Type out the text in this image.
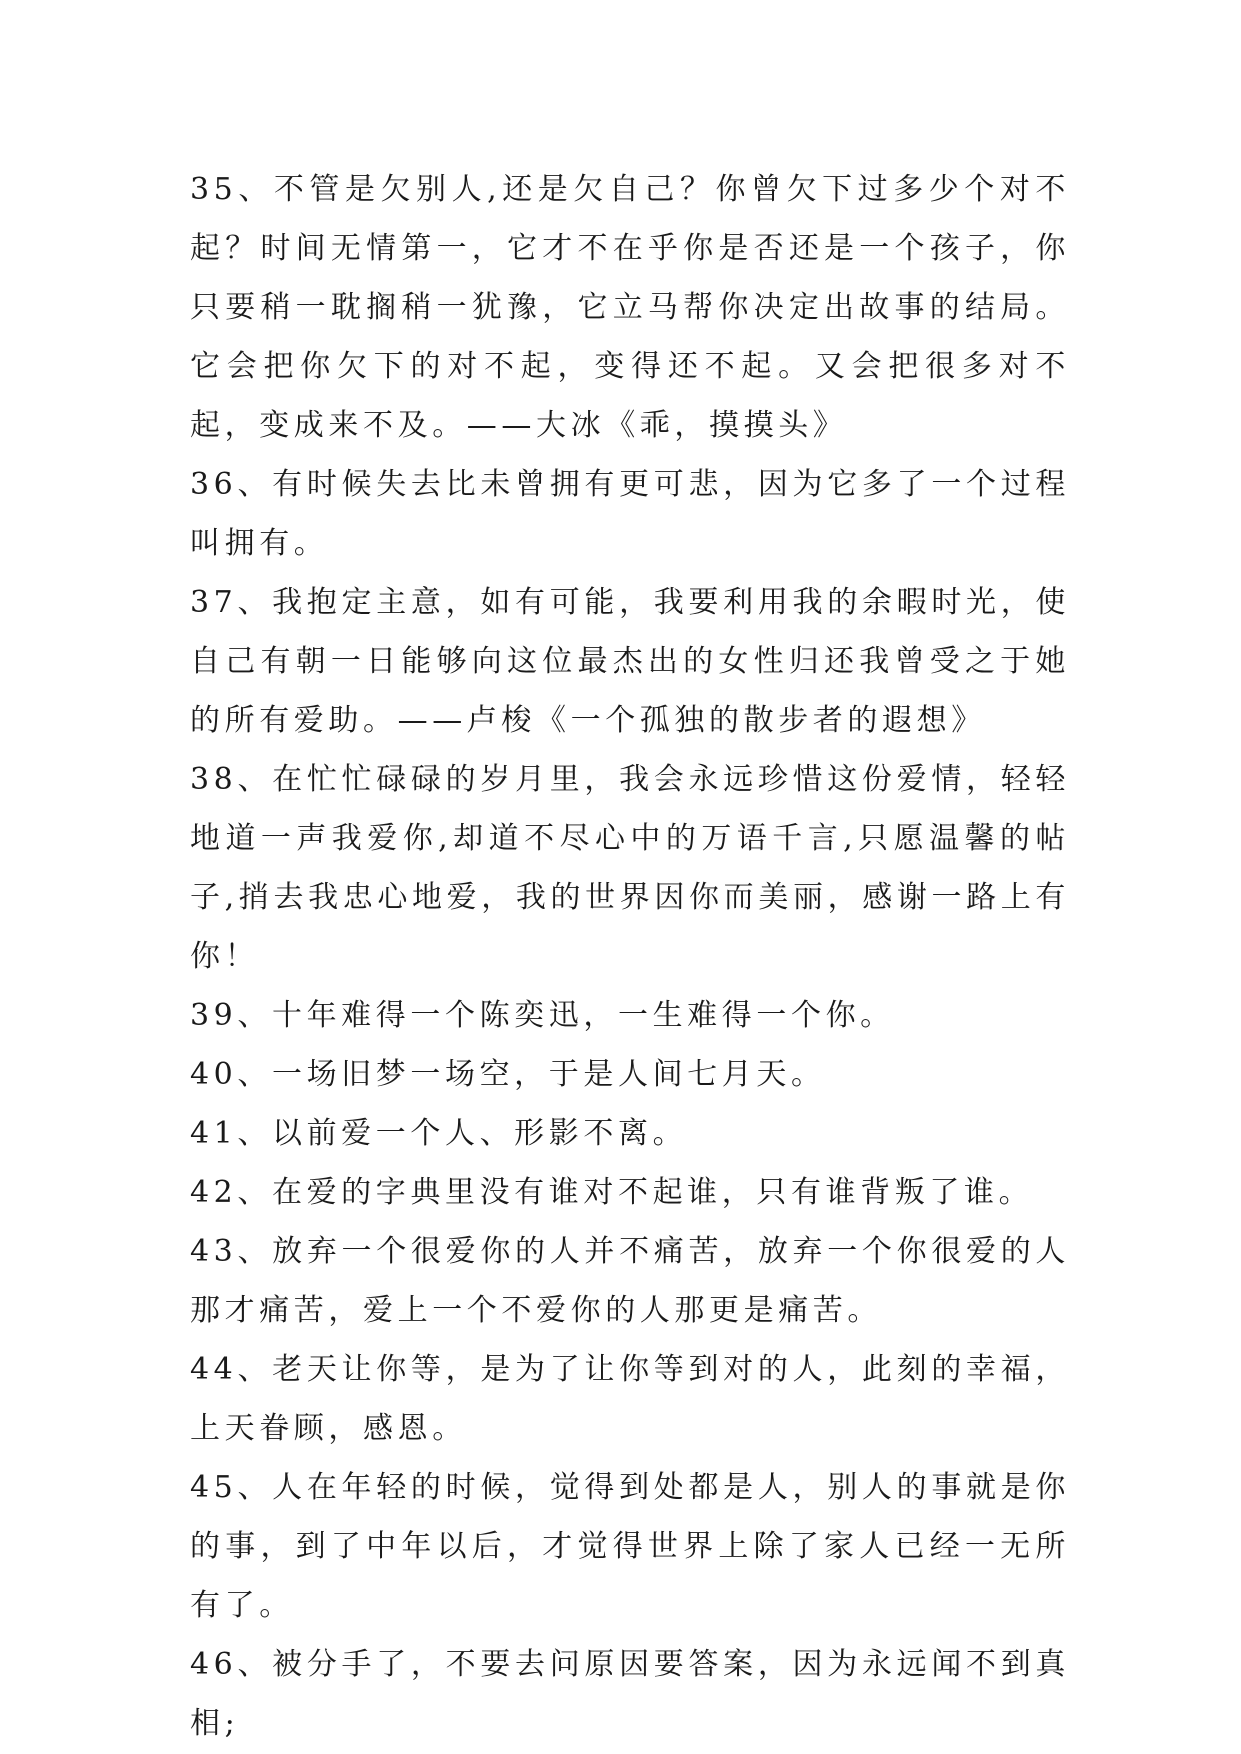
35、不管是欠别人,还是欠自己？你曾欠下过多少个对不起？时间无情第一，它才不在乎你是否还是一个孩子，你只要稍一耽搁稍一犹豫，它立马帮你决定出故事的结局。它会把你欠下的对不起，变得还不起。又会把很多对不起，变成来不及。——大冰《乖，摸摸头》

36、有时候失去比未曾拥有更可悲，因为它多了一个过程叫拥有。

37、我抱定主意，如有可能，我要利用我的余暇时光，使自己有朝一日能够向这位最杰出的女性归还我曾受之于她的所有爱助。——卢梭《一个孤独的散步者的遐想》

38、在忙忙碌碌的岁月里，我会永远珍惜这份爱情，轻轻地道一声我爱你,却道不尽心中的万语千言,只愿温馨的帖子,捎去我忠心地爱，我的世界因你而美丽，感谢一路上有你！

39、十年难得一个陈奕迅，一生难得一个你。

40、一场旧梦一场空，于是人间七月天。

41、以前爱一个人、形影不离。

42、在爱的字典里没有谁对不起谁，只有谁背叛了谁。

43、放弃一个很爱你的人并不痛苦，放弃一个你很爱的人那才痛苦，爱上一个不爱你的人那更是痛苦。

44、老天让你等，是为了让你等到对的人，此刻的幸福，上天眷顾，感恩。

45、人在年轻的时候，觉得到处都是人，别人的事就是你的事，到了中年以后，才觉得世界上除了家人已经一无所有了。

46、被分手了，不要去问原因要答案，因为永远闻不到真相;
